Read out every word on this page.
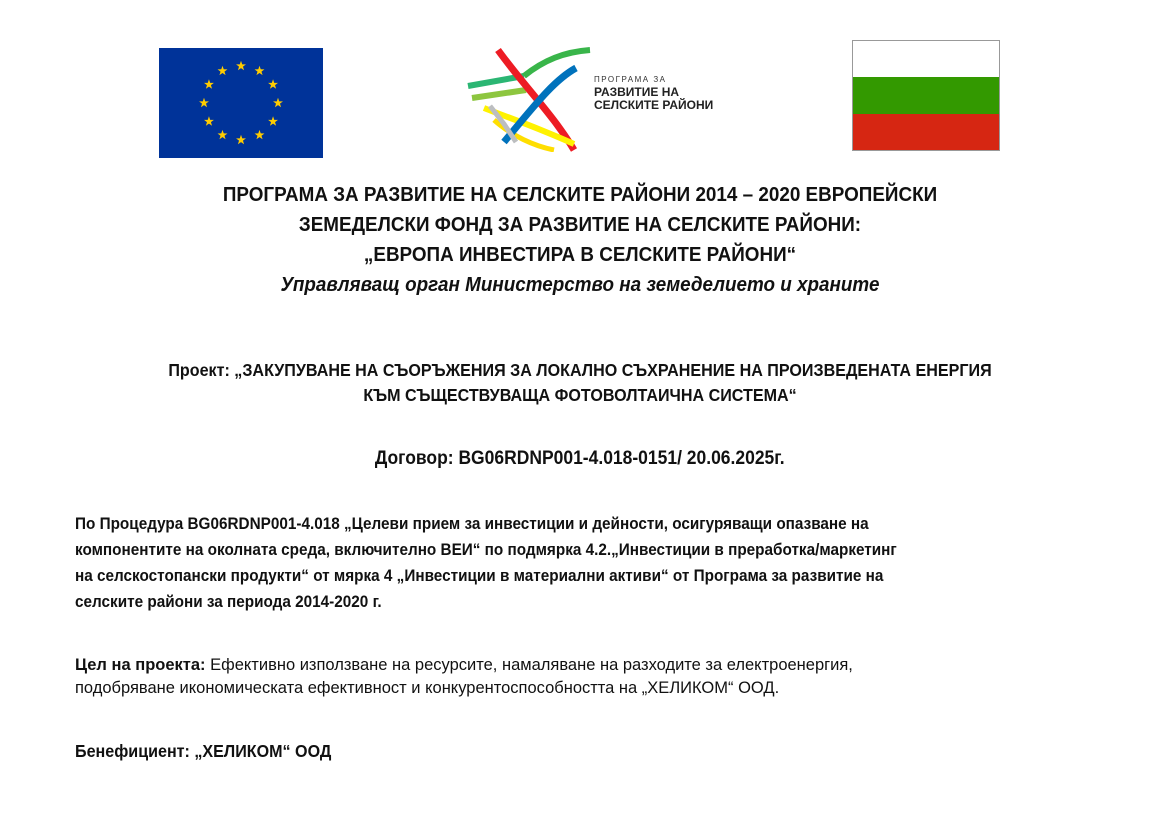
ПРОГРАМА ЗА
РАЗВИТИЕ НА
СЕЛСКИТЕ РАЙОНИ
ПРОГРАМА ЗА РАЗВИТИЕ НА СЕЛСКИТЕ РАЙОНИ 2014 – 2020 ЕВРОПЕЙСКИ
ЗЕМЕДЕЛСКИ ФОНД ЗА РАЗВИТИЕ НА СЕЛСКИТЕ РАЙОНИ:
„ЕВРОПА ИНВЕСТИРА В СЕЛСКИТЕ РАЙОНИ“
Управляващ орган Министерство на земеделието и храните
Проект: „ЗАКУПУВАНЕ НА СЪОРЪЖЕНИЯ ЗА ЛОКАЛНО СЪХРАНЕНИЕ НА ПРОИЗВЕДЕНАТА ЕНЕРГИЯ
КЪМ СЪЩЕСТВУВАЩА ФОТОВОЛТАИЧНА СИСТЕМА“
Договор: BG06RDNP001-4.018-0151/ 20.06.2025г.
По Процедура BG06RDNP001-4.018 „Целеви прием за инвестиции и дейности, осигуряващи опазване на
компонентите на околната среда, включително ВЕИ“ по подмярка 4.2.„Инвестиции в преработка/маркетинг
на селскостопански продукти“ от мярка 4 „Инвестиции в материални активи“ от Програма за развитие на
селските райони за периода 2014-2020 г.
Цел на проекта: Ефективно използване на ресурсите, намаляване на разходите за електроенергия,
подобряване икономическата ефективност и конкурентоспособността на „ХЕЛИКОМ“ ООД.
Бенефициент: „ХЕЛИКОМ“ ООД
